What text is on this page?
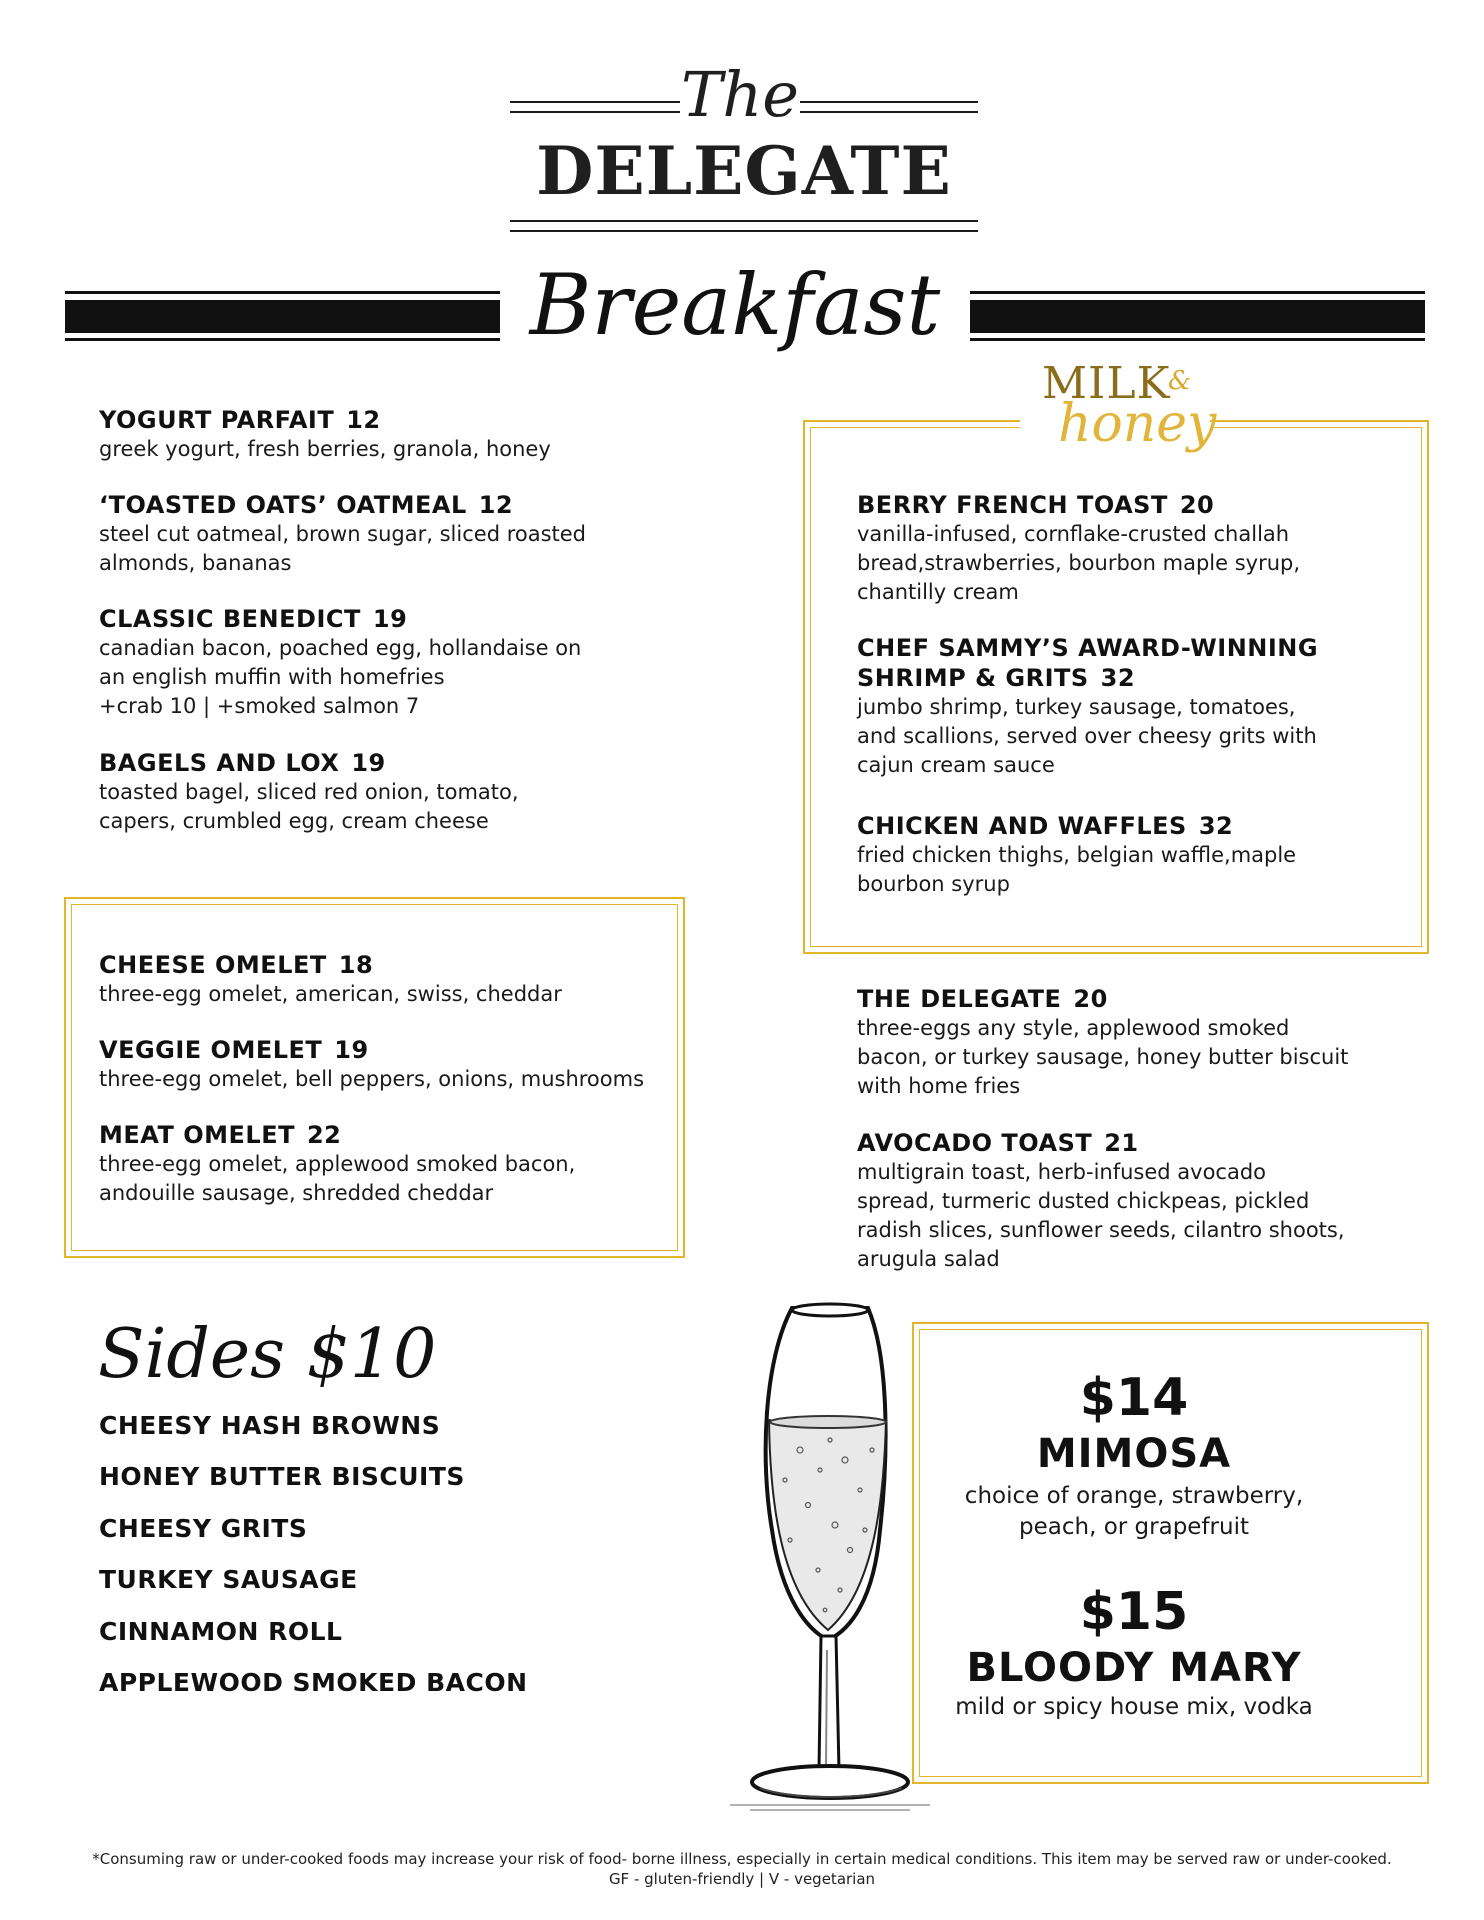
The
DELEGATE
Breakfast
YOGURT PARFAIT 12
greek yogurt, fresh berries, granola, honey
‘TOASTED OATS’ OATMEAL 12
steel cut oatmeal, brown sugar, sliced roasted
almonds, bananas
CLASSIC BENEDICT 19
canadian bacon, poached egg, hollandaise on
an english muffin with homefries
+crab 10 | +smoked salmon 7
BAGELS AND LOX 19
toasted bagel, sliced red onion, tomato,
capers, crumbled egg, cream cheese
CHEESE OMELET 18
three-egg omelet, american, swiss, cheddar
VEGGIE OMELET 19
three-egg omelet, bell peppers, onions, mushrooms
MEAT OMELET 22
three-egg omelet, applewood smoked bacon,
andouille sausage, shredded cheddar
MILK
&
honey
BERRY FRENCH TOAST 20
vanilla-infused, cornflake-crusted challah
bread,strawberries, bourbon maple syrup,
chantilly cream
CHEF SAMMY’S AWARD-WINNING
SHRIMP & GRITS 32
jumbo shrimp, turkey sausage, tomatoes,
and scallions, served over cheesy grits with
cajun cream sauce
CHICKEN AND WAFFLES 32
fried chicken thighs, belgian waffle,maple
bourbon syrup
THE DELEGATE 20
three-eggs any style, applewood smoked
bacon, or turkey sausage, honey butter biscuit
with home fries
AVOCADO TOAST 21
multigrain toast, herb-infused avocado
spread, turmeric dusted chickpeas, pickled
radish slices, sunflower seeds, cilantro shoots,
arugula salad
Sides $10
CHEESY HASH BROWNS
HONEY BUTTER BISCUITS
CHEESY GRITS
TURKEY SAUSAGE
CINNAMON ROLL
APPLEWOOD SMOKED BACON
$14
MIMOSA
choice of orange, strawberry,
peach, or grapefruit
$15
BLOODY MARY
mild or spicy house mix, vodka
*Consuming raw or under-cooked foods may increase your risk of food- borne illness, especially in certain medical conditions. This item may be served raw or under-cooked.
GF - gluten-friendly | V - vegetarian
